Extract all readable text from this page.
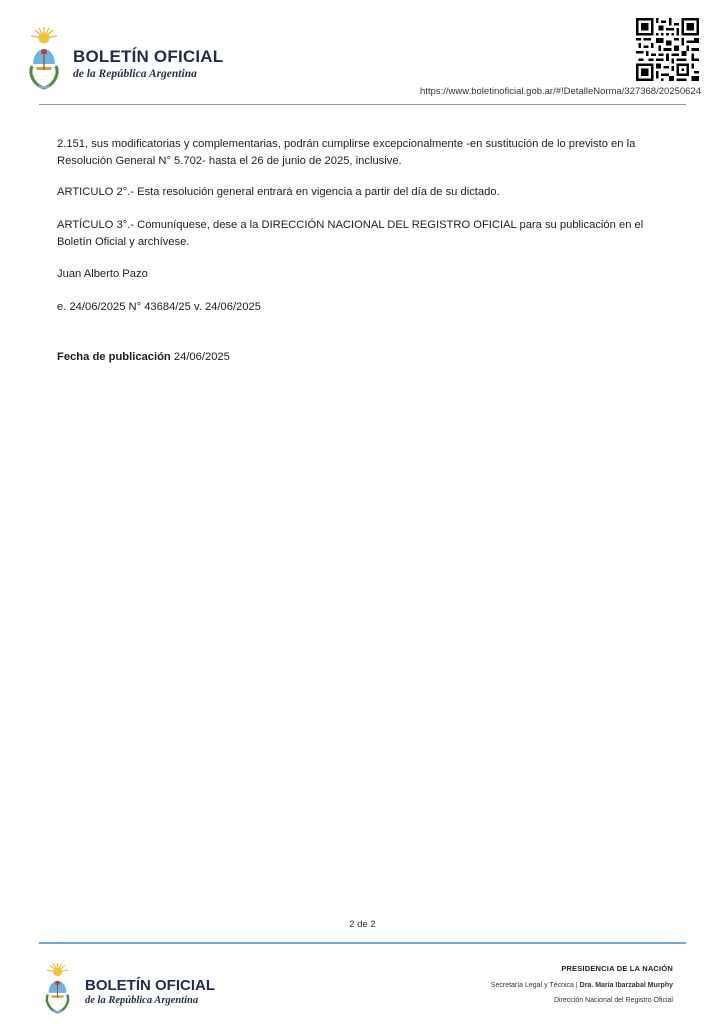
BOLETÍN OFICIAL
de la República Argentina
https://www.boletinoficial.gob.ar/#!DetalleNorma/327368/20250624
2.151, sus modificatorias y complementarias, podrán cumplirse excepcionalmente -en sustitución de lo previsto en la Resolución General N° 5.702- hasta el 26 de junio de 2025, inclusive.
ARTICULO 2°.- Esta resolución general entrará en vigencia a partir del día de su dictado.
ARTÍCULO 3°.- Comuníquese, dese a la DIRECCIÓN NACIONAL DEL REGISTRO OFICIAL para su publicación en el Boletín Oficial y archívese.
Juan Alberto Pazo
e. 24/06/2025 N° 43684/25 v. 24/06/2025
Fecha de publicación 24/06/2025
2 de 2
BOLETÍN OFICIAL
de la República Argentina
PRESIDENCIA DE LA NACIÓN
Secretaría Legal y Técnica | Dra. María Ibarzabal Murphy
Dirección Nacional del Registro Oficial
